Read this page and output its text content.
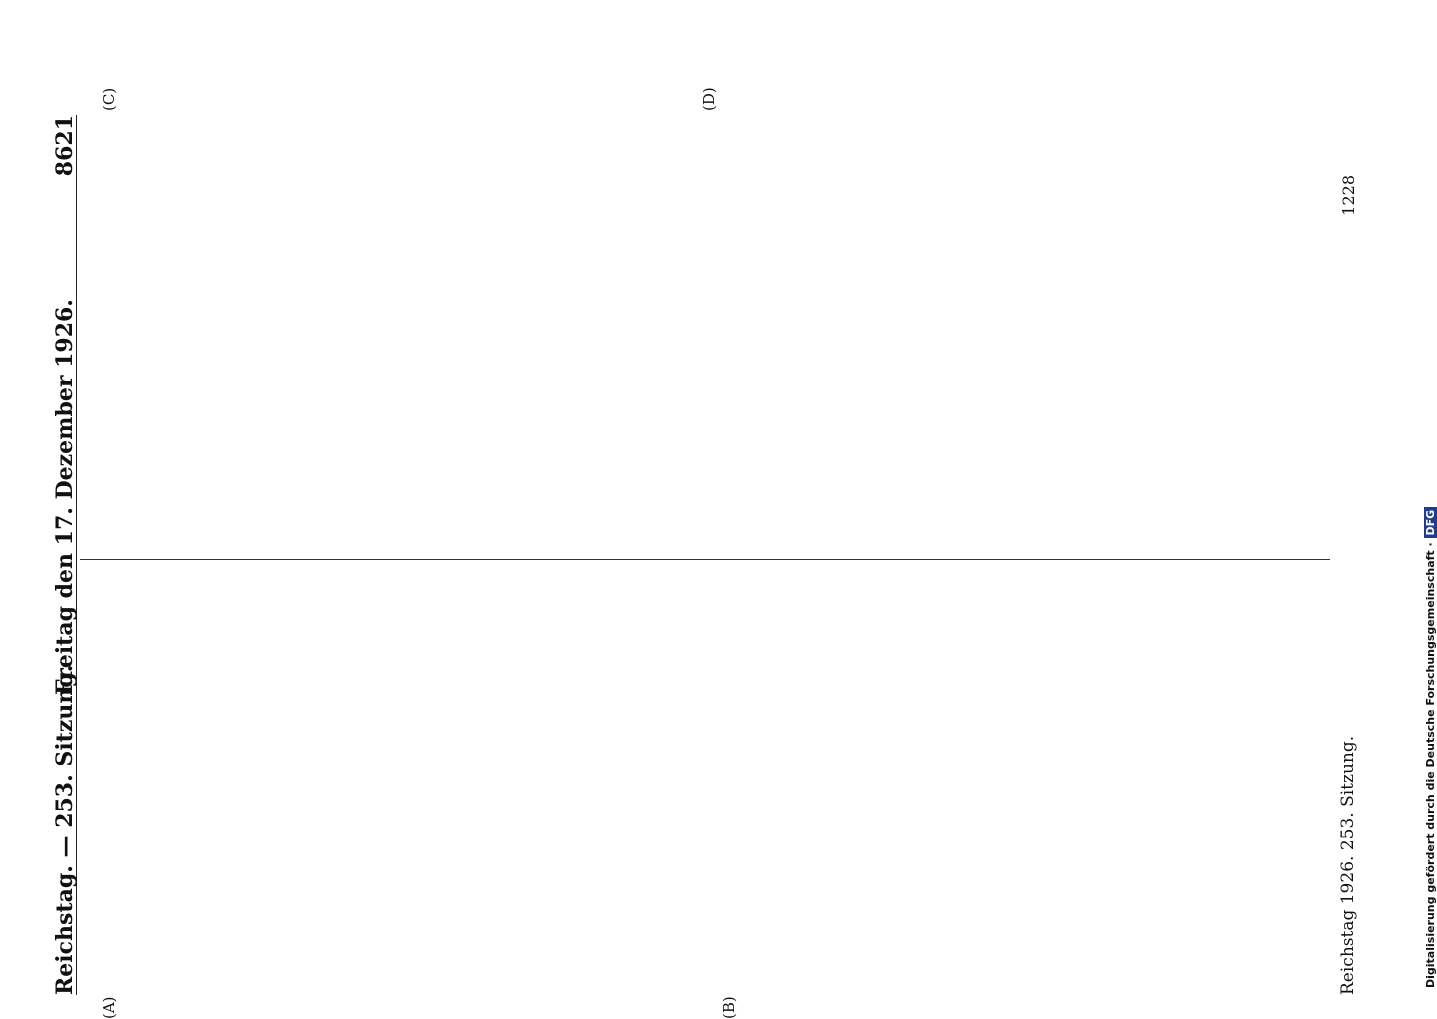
Reichstag. — 253. Sitzung.
Freitag den 17. Dezember 1926.
8621
(A)	(B)
(C)	(D)
Reichstag 1926. 253. Sitzung.
1228
Digitalisierung gefördert durch die Deutsche Forschungsgemeinschaft · DFG
